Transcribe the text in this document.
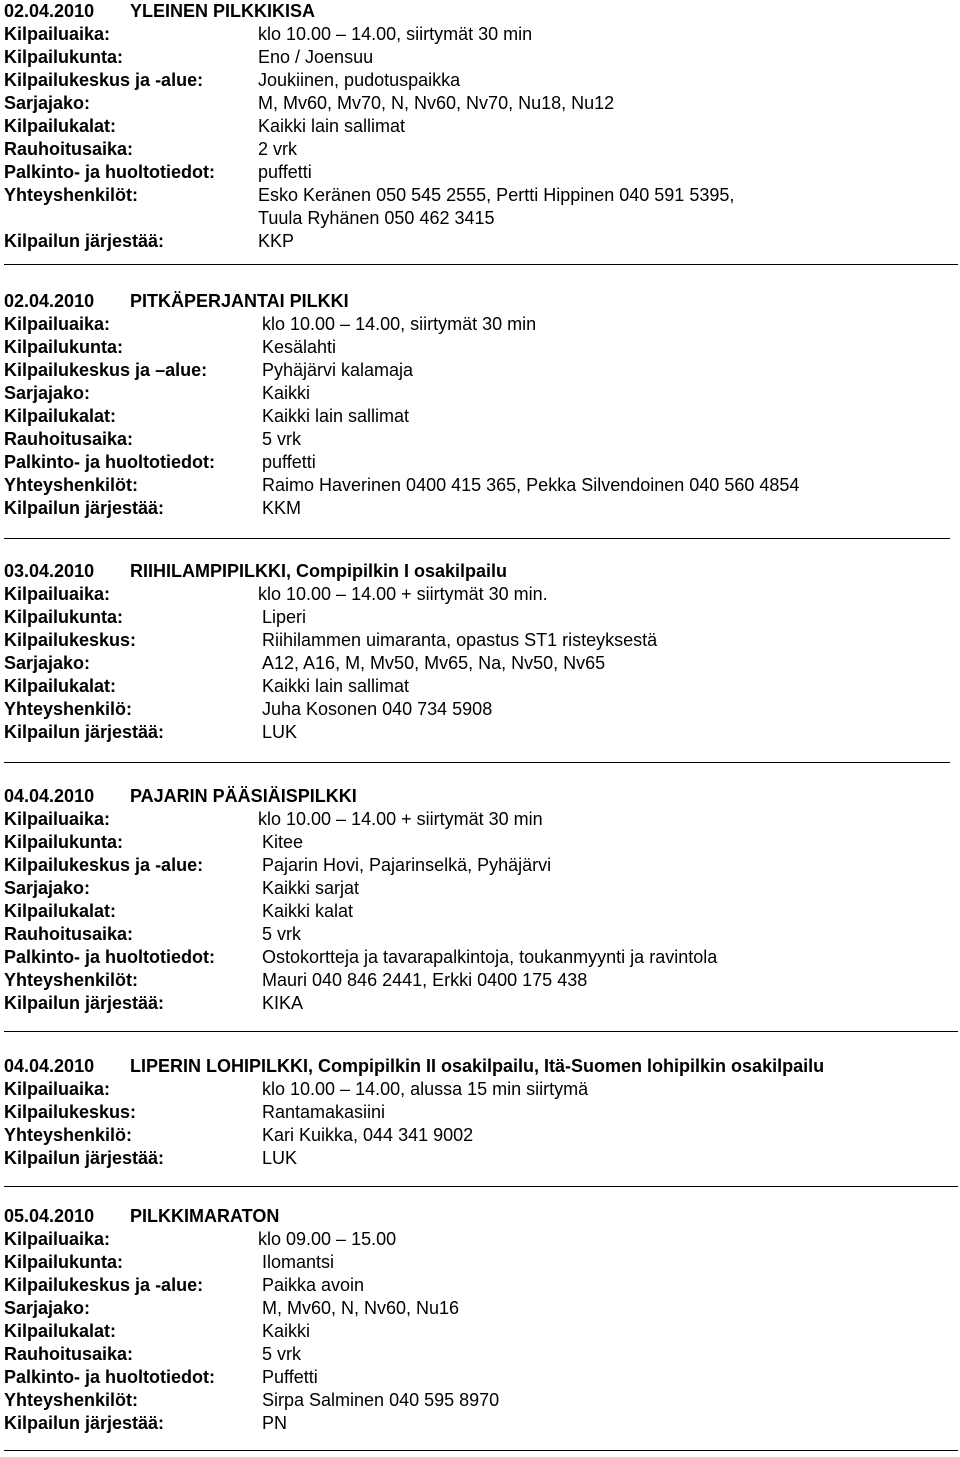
02.04.2010 YLEINEN PILKKIKISA
Kilpailuaika:	klo 10.00 – 14.00, siirtymät 30 min
Kilpailukunta:	Eno / Joensuu
Kilpailukeskus ja -alue:	Joukiinen, pudotuspaikka
Sarjajako:	M, Mv60, Mv70, N, Nv60, Nv70, Nu18, Nu12
Kilpailukalat:	Kaikki lain sallimat
Rauhoitusaika:	2 vrk
Palkinto- ja huoltotiedot: puffetti
Yhteyshenkilöt:	Esko Keränen 050 545 2555, Pertti Hippinen 040 591 5395,
Tuula Ryhänen 050 462 3415
Kilpailun järjestää:	KKP
02.04.2010 PITKÄPERJANTAI PILKKI
Kilpailuaika:	klo 10.00 – 14.00, siirtymät 30 min
Kilpailukunta:	Kesälahti
Kilpailukeskus ja –alue:	Pyhäjärvi kalamaja
Sarjajako:	Kaikki
Kilpailukalat:	Kaikki lain sallimat
Rauhoitusaika:	5 vrk
Palkinto- ja huoltotiedot:	puffetti
Yhteyshenkilöt:	Raimo Haverinen 0400 415 365, Pekka Silvendoinen 040 560 4854
Kilpailun järjestää:	KKM
03.04.2010 RIIHILAMPIPILKKI, Compipilkin I osakilpailu
Kilpailuaika:	klo 10.00 – 14.00 + siirtymät 30 min.
Kilpailukunta:	Liperi
Kilpailukeskus:	Riihilammen uimaranta, opastus ST1 risteyksestä
Sarjajako:	A12, A16, M, Mv50, Mv65, Na, Nv50, Nv65
Kilpailukalat:	Kaikki lain sallimat
Yhteyshenkilö:	Juha Kosonen 040 734 5908
Kilpailun järjestää:	LUK
04.04.2010 PAJARIN PÄÄSIÄISPILKKI
Kilpailuaika:	klo 10.00 – 14.00 + siirtymät 30 min
Kilpailukunta:	Kitee
Kilpailukeskus ja -alue:	Pajarin Hovi, Pajarinselkä, Pyhäjärvi
Sarjajako:	Kaikki sarjat
Kilpailukalat:	Kaikki kalat
Rauhoitusaika:	5 vrk
Palkinto- ja huoltotiedot:	Ostokortteja ja tavarapalkintoja, toukanmyynti ja ravintola
Yhteyshenkilöt:	Mauri 040 846 2441, Erkki 0400 175 438
Kilpailun järjestää:	KIKA
04.04.2010 LIPERIN LOHIPILKKI, Compipilkin II osakilpailu, Itä-Suomen lohipilkin osakilpailu
Kilpailuaika:	klo 10.00 – 14.00, alussa 15 min siirtymä
Kilpailukeskus:	Rantamakasiini
Yhteyshenkilö:	Kari Kuikka, 044 341 9002
Kilpailun järjestää:	LUK
05.04.2010 PILKKIMARATON
Kilpailuaika:	klo 09.00 – 15.00
Kilpailukunta:	Ilomantsi
Kilpailukeskus ja -alue:	Paikka avoin
Sarjajako:	M, Mv60, N, Nv60, Nu16
Kilpailukalat:	Kaikki
Rauhoitusaika:	5 vrk
Palkinto- ja huoltotiedot:	Puffetti
Yhteyshenkilöt:	Sirpa Salminen 040 595 8970
Kilpailun järjestää:	PN
